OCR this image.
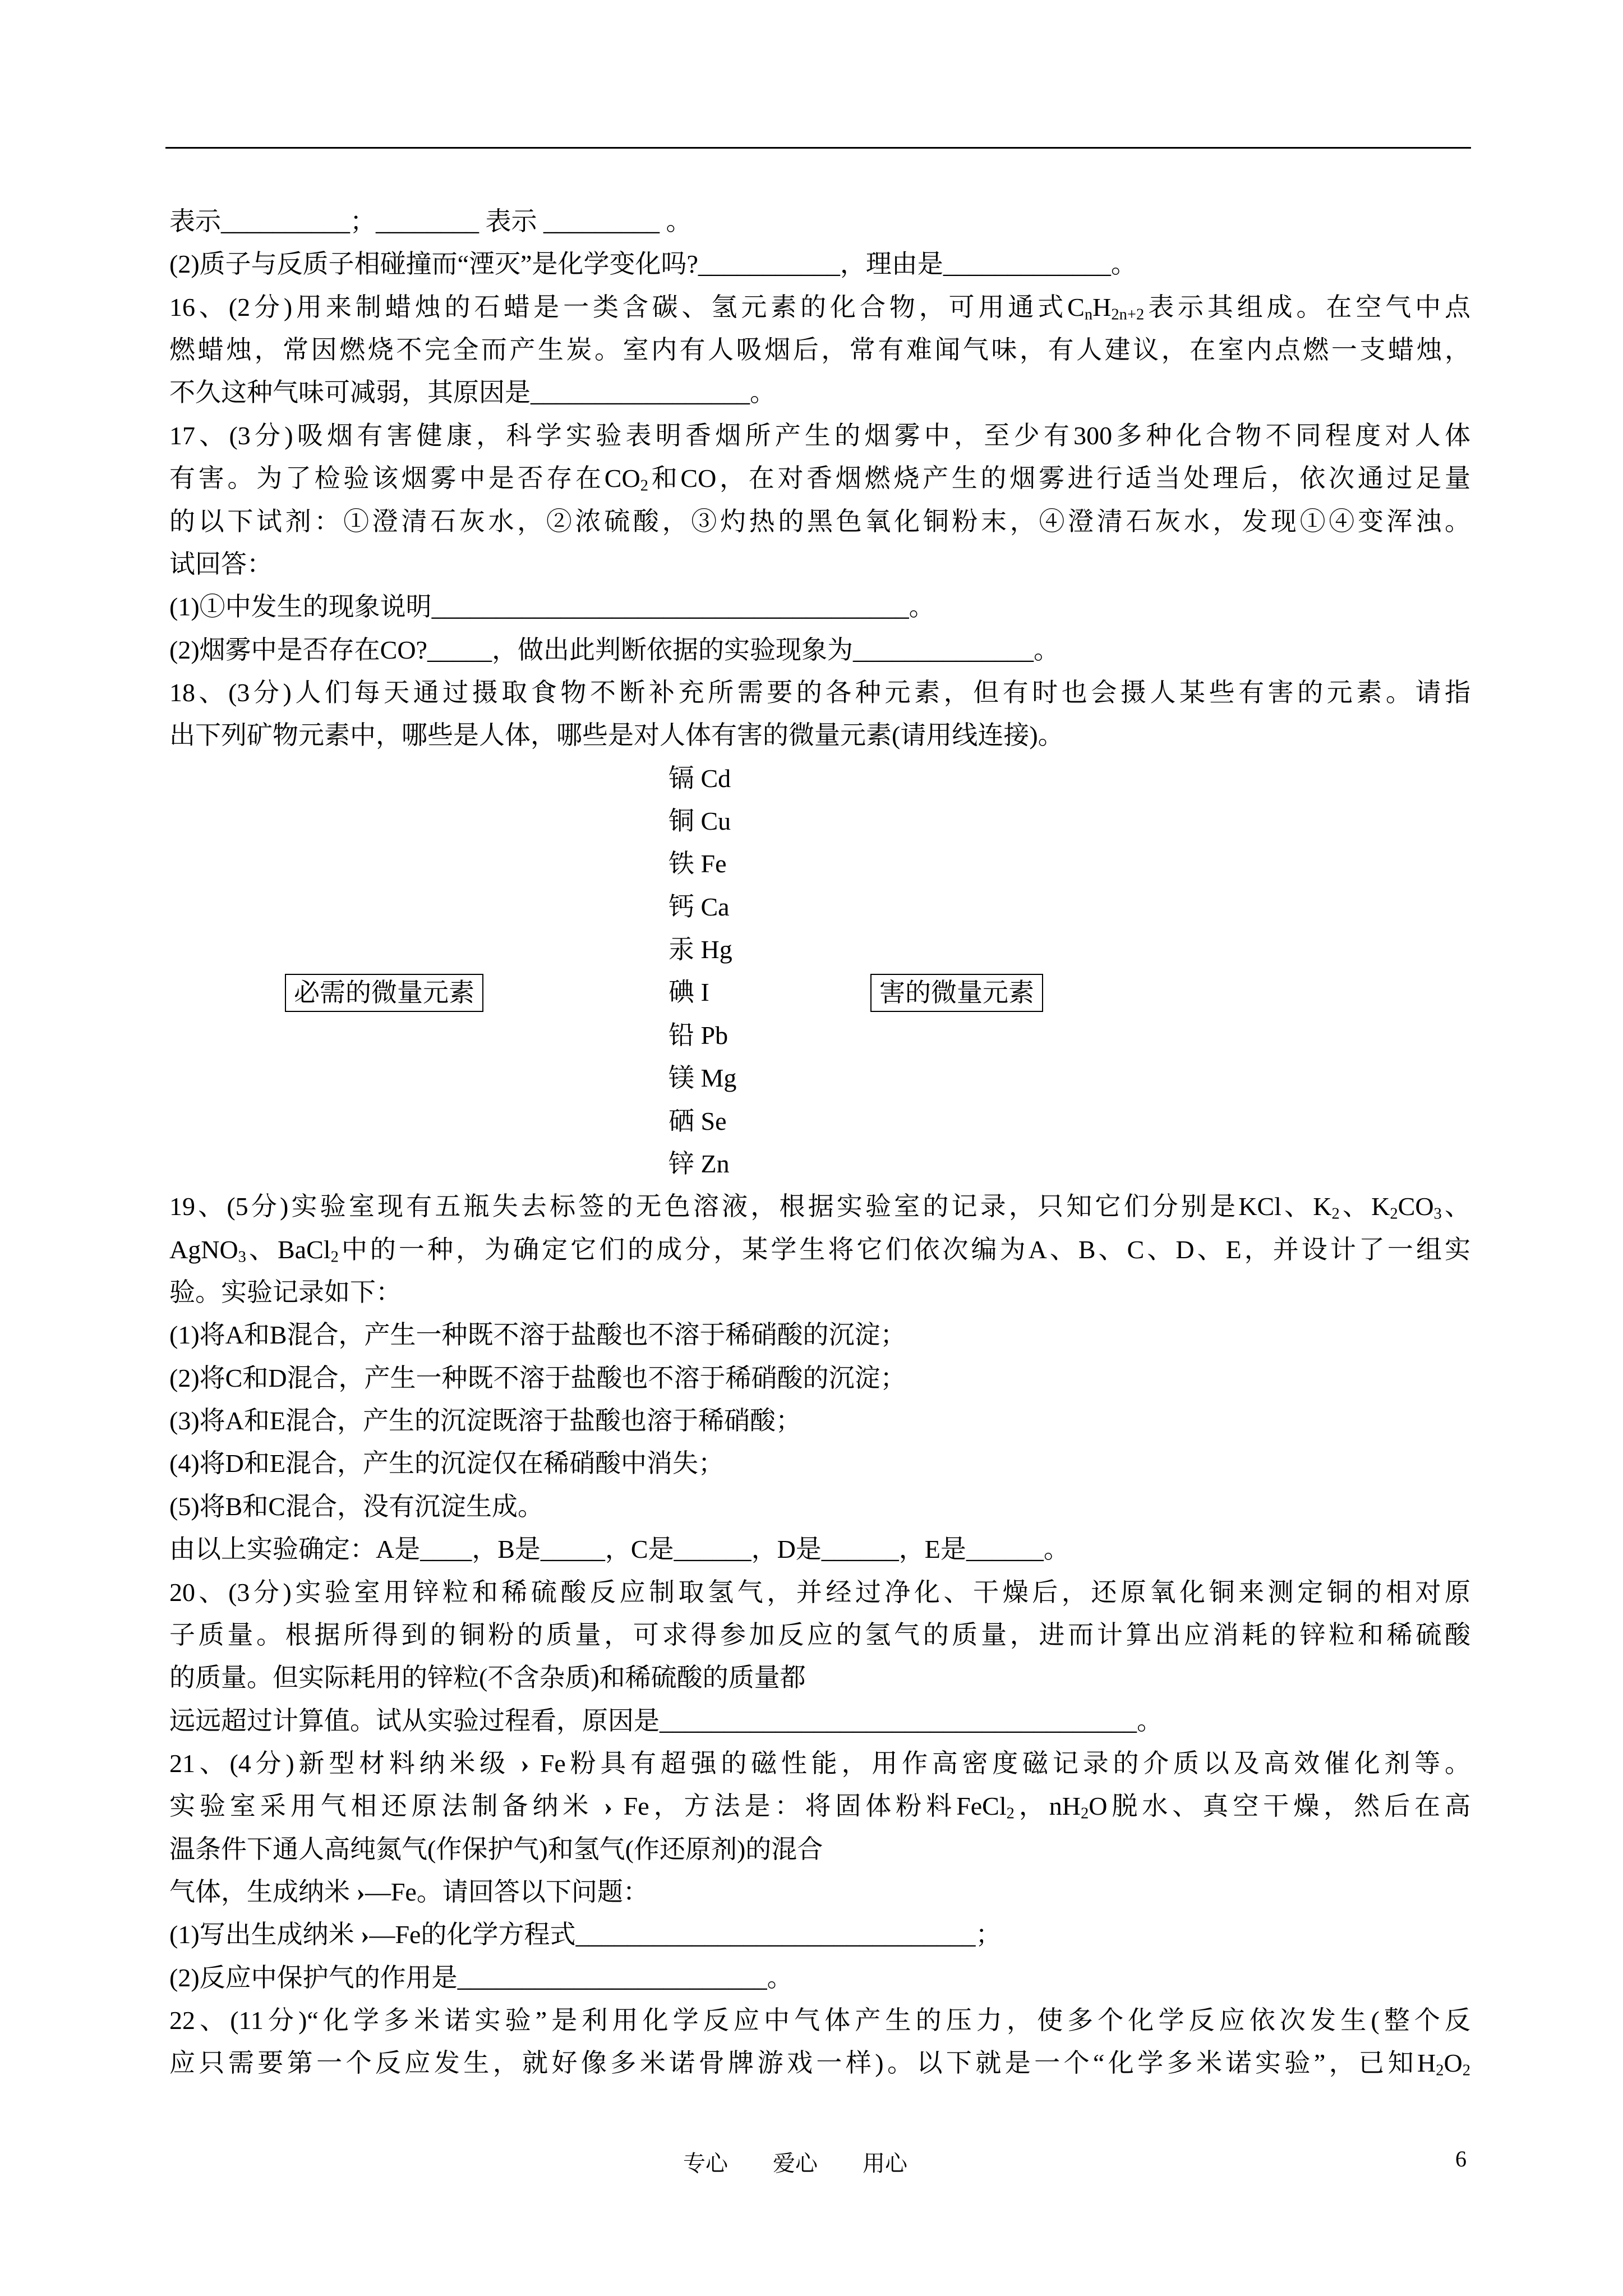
表示__________；________ 表示 _________ 。
(2)质子与反质子相碰撞而“湮灭”是化学变化吗?___________，理由是_____________。
16、(2分)用来制蜡烛的石蜡是一类含碳、氢元素的化合物，可用通式$C_nH_{2n+2}$表示其组成。在空气中点
燃蜡烛，常因燃烧不完全而产生炭。室内有人吸烟后，常有难闻气味，有人建议，在室内点燃一支蜡烛，
不久这种气味可减弱，其原因是_________________。
17、(3分)吸烟有害健康，科学实验表明香烟所产生的烟雾中，至少有300多种化合物不同程度对人体
有害。为了检验该烟雾中是否存在$CO_2$和CO，在对香烟燃烧产生的烟雾进行适当处理后，依次通过足量
的以下试剂：①澄清石灰水，②浓硫酸，③灼热的黑色氧化铜粉末，④澄清石灰水，发现①④变浑浊。
试回答：
(1)①中发生的现象说明_____________________________________。
(2)烟雾中是否存在CO?_____，做出此判断依据的实验现象为______________。
18、(3分)人们每天通过摄取食物不断补充所需要的各种元素，但有时也会摄人某些有害的元素。请指
出下列矿物元素中，哪些是人体，哪些是对人体有害的微量元素(请用线连接)。
必需的微量元素	害的微量元素
镉 Cd
铜 Cu
铁 Fe
钙 Ca
汞 Hg
碘 I
铅 Pb
镁 Mg
硒 Se
锌 Zn
19、(5分)实验室现有五瓶失去标签的无色溶液，根据实验室的记录，只知它们分别是KCl、$K_2$、$K_2CO_3$、
AgNO$_3$、BaCl$_2$中的一种，为确定它们的成分，某学生将它们依次编为A、B、C、D、E，并设计了一组实
验。实验记录如下：
(1)将A和B混合，产生一种既不溶于盐酸也不溶于稀硝酸的沉淀；
(2)将C和D混合，产生一种既不溶于盐酸也不溶于稀硝酸的沉淀；
(3)将A和E混合，产生的沉淀既溶于盐酸也溶于稀硝酸；
(4)将D和E混合，产生的沉淀仅在稀硝酸中消失；
(5)将B和C混合，没有沉淀生成。
由以上实验确定：A是____，B是_____，C是______，D是______，E是______。
20、(3分)实验室用锌粒和稀硫酸反应制取氢气，并经过净化、干燥后，还原氧化铜来测定铜的相对原
子质量。根据所得到的铜粉的质量，可求得参加反应的氢气的质量，进而计算出应消耗的锌粒和稀硫酸
的质量。但实际耗用的锌粒(不含杂质)和稀硫酸的质量都
远远超过计算值。试从实验过程看，原因是_____________________________________。
21、(4分)新型材料纳米级 › Fe粉具有超强的磁性能，用作高密度磁记录的介质以及高效催化剂等。
实验室采用气相还原法制备纳米 › Fe，方法是：将固体粉料FeCl$_2$，$nH_2O$脱水、真空干燥，然后在高
温条件下通人高纯氮气(作保护气)和氢气(作还原剂)的混合
气体，生成纳米 ›—Fe。请回答以下问题：
(1)写出生成纳米 ›—Fe的化学方程式_______________________________；
(2)反应中保护气的作用是________________________。
22、(11分)“化学多米诺实验”是利用化学反应中气体产生的压力，使多个化学反应依次发生(整个反
应只需要第一个反应发生，就好像多米诺骨牌游戏一样)。以下就是一个“化学多米诺实验”，已知$H_2O_2$
专心　　爱心　　用心	6
